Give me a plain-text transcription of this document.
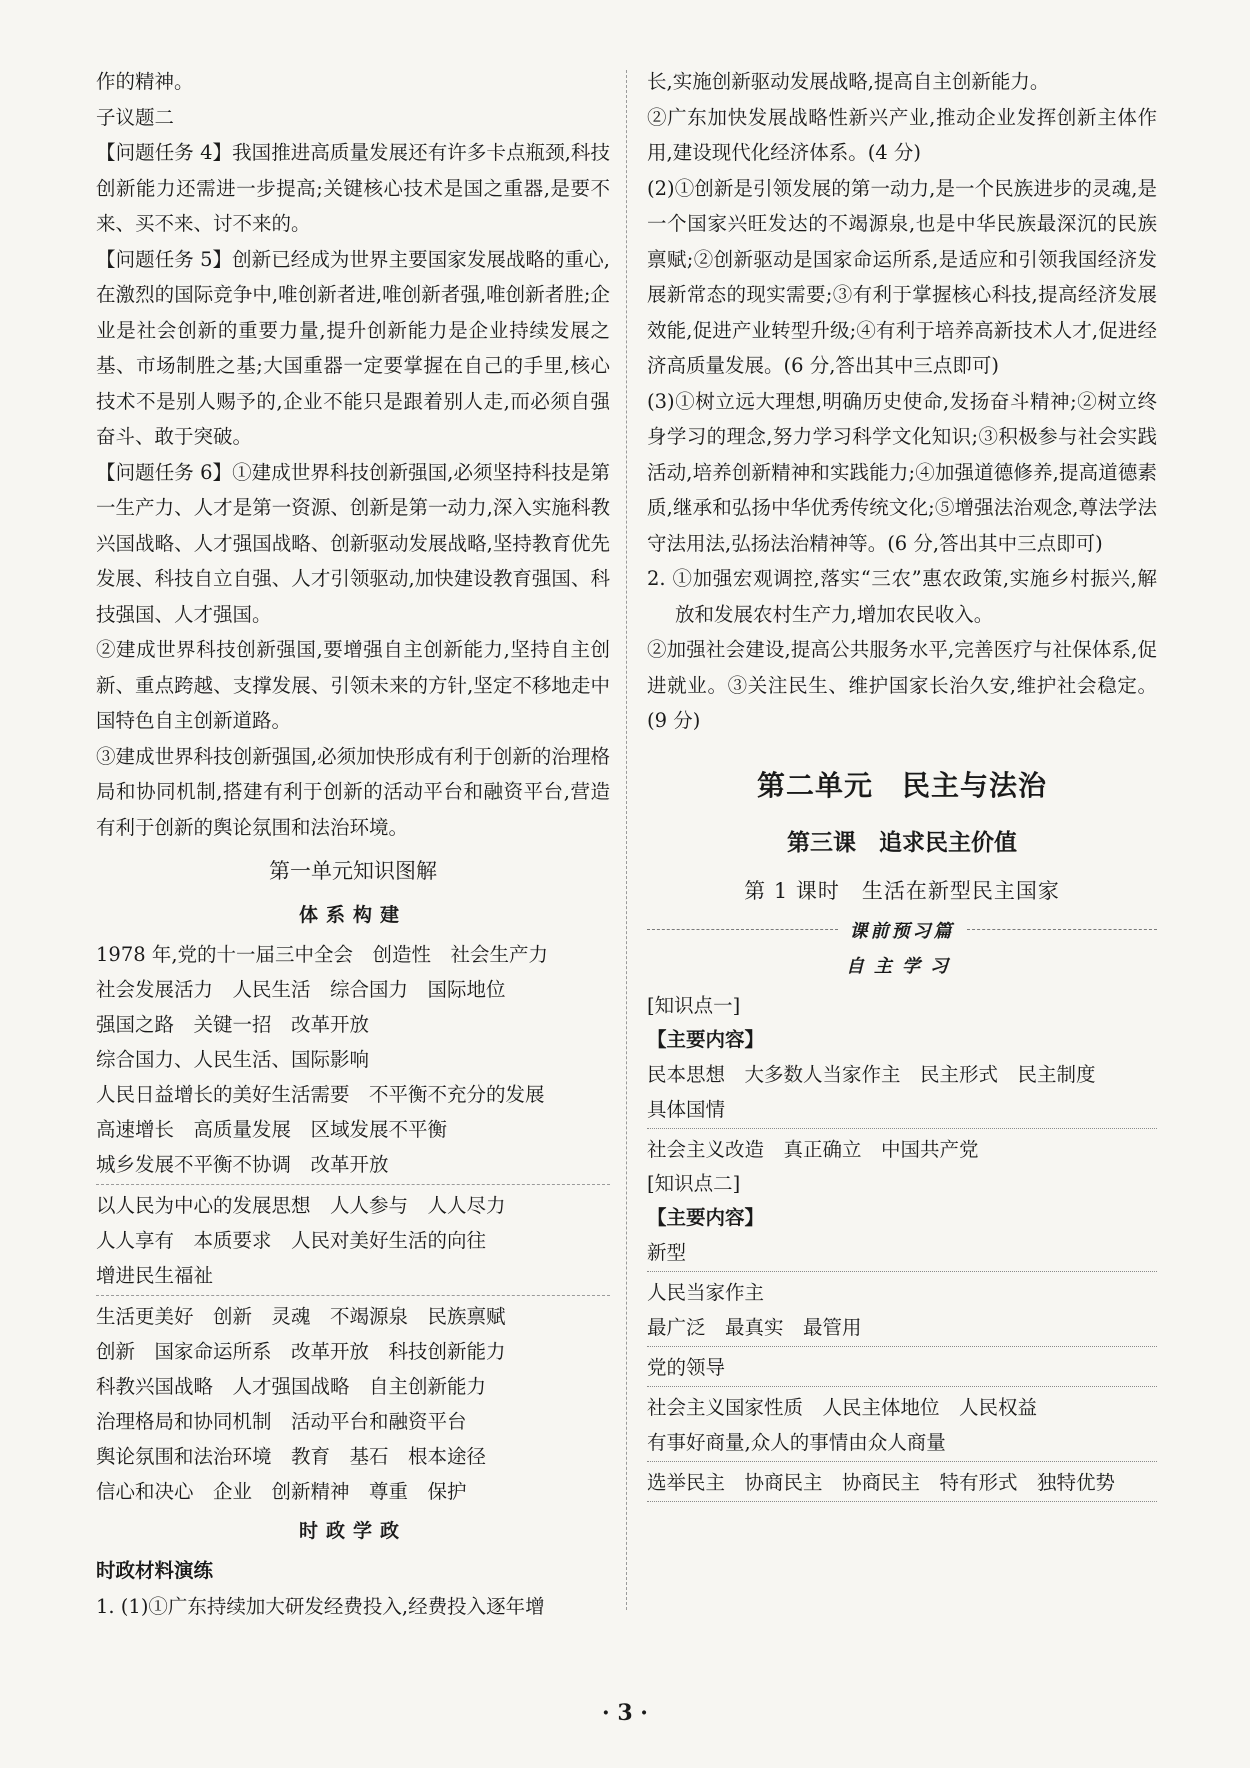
作的精神。

子议题二

【问题任务 4】我国推进高质量发展还有许多卡点瓶颈,科技创新能力还需进一步提高;关键核心技术是国之重器,是要不来、买不来、讨不来的。

【问题任务 5】创新已经成为世界主要国家发展战略的重心,在激烈的国际竞争中,唯创新者进,唯创新者强,唯创新者胜;企业是社会创新的重要力量,提升创新能力是企业持续发展之基、市场制胜之基;大国重器一定要掌握在自己的手里,核心技术不是别人赐予的,企业不能只是跟着别人走,而必须自强奋斗、敢于突破。

【问题任务 6】①建成世界科技创新强国,必须坚持科技是第一生产力、人才是第一资源、创新是第一动力,深入实施科教兴国战略、人才强国战略、创新驱动发展战略,坚持教育优先发展、科技自立自强、人才引领驱动,加快建设教育强国、科技强国、人才强国。

②建成世界科技创新强国,要增强自主创新能力,坚持自主创新、重点跨越、支撑发展、引领未来的方针,坚定不移地走中国特色自主创新道路。

③建成世界科技创新强国,必须加快形成有利于创新的治理格局和协同机制,搭建有利于创新的活动平台和融资平台,营造有利于创新的舆论氛围和法治环境。

第一单元知识图解
体系构建
1978 年,党的十一届三中全会　创造性　社会生产力
社会发展活力　人民生活　综合国力　国际地位
强国之路　关键一招　改革开放
综合国力、人民生活、国际影响
人民日益增长的美好生活需要　不平衡不充分的发展
高速增长　高质量发展　区域发展不平衡
城乡发展不平衡不协调　改革开放
以人民为中心的发展思想　人人参与　人人尽力
人人享有　本质要求　人民对美好生活的向往
增进民生福祉
生活更美好　创新　灵魂　不竭源泉　民族禀赋
创新　国家命运所系　改革开放　科技创新能力
科教兴国战略　人才强国战略　自主创新能力
治理格局和协同机制　活动平台和融资平台
舆论氛围和法治环境　教育　基石　根本途径
信心和决心　企业　创新精神　尊重　保护
时政学政
时政材料演练
1. (1)①广东持续加大研发经费投入,经费投入逐年增

长,实施创新驱动发展战略,提高自主创新能力。

②广东加快发展战略性新兴产业,推动企业发挥创新主体作用,建设现代化经济体系。(4 分)

(2)①创新是引领发展的第一动力,是一个民族进步的灵魂,是一个国家兴旺发达的不竭源泉,也是中华民族最深沉的民族禀赋;②创新驱动是国家命运所系,是适应和引领我国经济发展新常态的现实需要;③有利于掌握核心科技,提高经济发展效能,促进产业转型升级;④有利于培养高新技术人才,促进经济高质量发展。(6 分,答出其中三点即可)

(3)①树立远大理想,明确历史使命,发扬奋斗精神;②树立终身学习的理念,努力学习科学文化知识;③积极参与社会实践活动,培养创新精神和实践能力;④加强道德修养,提高道德素质,继承和弘扬中华优秀传统文化;⑤增强法治观念,尊法学法守法用法,弘扬法治精神等。(6 分,答出其中三点即可)

2. ①加强宏观调控,落实“三农”惠农政策,实施乡村振兴,解放和发展农村生产力,增加农民收入。

②加强社会建设,提高公共服务水平,完善医疗与社保体系,促进就业。③关注民生、维护国家长治久安,维护社会稳定。(9 分)

第二单元　民主与法治
第三课　追求民主价值
第 1 课时　生活在新型民主国家
课前预习篇
自主学习
[知识点一]
【主要内容】
民本思想　大多数人当家作主　民主形式　民主制度
具体国情
社会主义改造　真正确立　中国共产党
[知识点二]
【主要内容】
新型
人民当家作主
最广泛　最真实　最管用
党的领导
社会主义国家性质　人民主体地位　人民权益
有事好商量,众人的事情由众人商量
选举民主　协商民主　协商民主　特有形式　独特优势
· 3 ·
